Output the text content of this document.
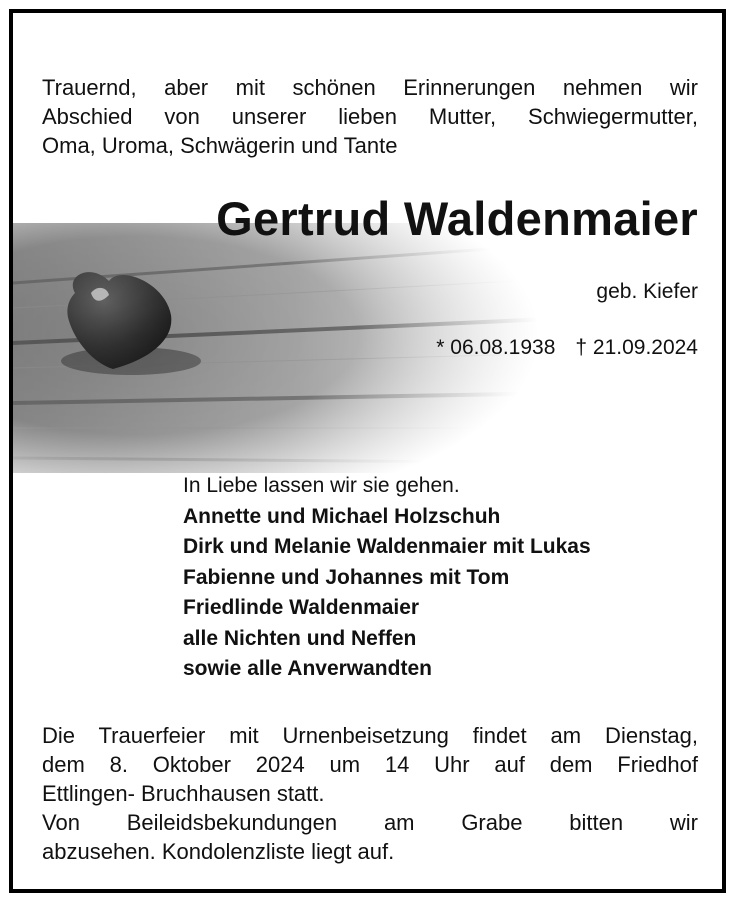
Trauernd, aber mit schönen Erinnerungen nehmen wir
Abschied von unserer lieben Mutter, Schwiegermutter,
Oma, Uroma, Schwägerin und Tante
Gertrud Waldenmaier
geb. Kiefer
* 06.08.1938 † 21.09.2024
In Liebe lassen wir sie gehen.
Annette und Michael Holzschuh
Dirk und Melanie Waldenmaier mit Lukas
Fabienne und Johannes mit Tom
Friedlinde Waldenmaier
alle Nichten und Neffen
sowie alle Anverwandten
Die Trauerfeier mit Urnenbeisetzung findet am Dienstag,
dem 8. Oktober 2024 um 14 Uhr auf dem Friedhof
Ettlingen- Bruchhausen statt.
Von Beileidsbekundungen am Grabe bitten wir
abzusehen. Kondolenzliste liegt auf.
